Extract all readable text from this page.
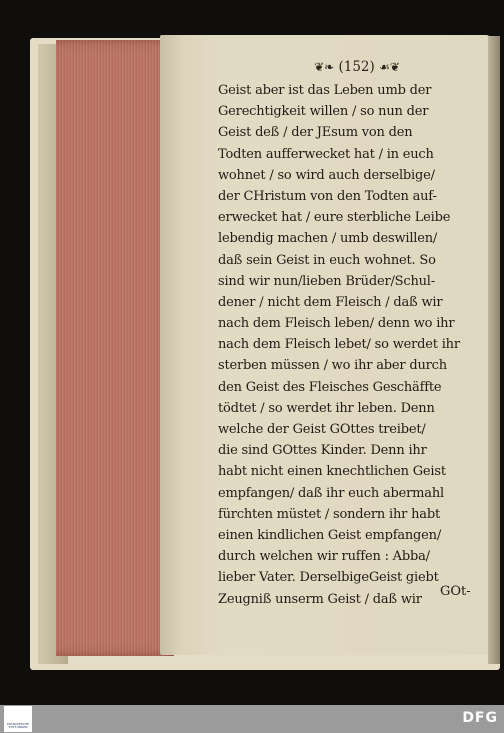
❦❧ (152) ☙❦
Geist aber ist das Leben umb der
Gerechtigkeit willen / so nun der
Geist deß / der JEsum von den
Todten aufferwecket hat / in euch
wohnet / so wird auch derselbige/
der CHristum von den Todten auf-
erwecket hat / eure sterbliche Leibe
lebendig machen / umb deswillen/
daß sein Geist in euch wohnet. So
sind wir nun/lieben Brüder/Schul-
dener / nicht dem Fleisch / daß wir
nach dem Fleisch leben/ denn wo ihr
nach dem Fleisch lebet/ so werdet ihr
sterben müssen / wo ihr aber durch
den Geist des Fleisches Geschäffte
tödtet / so werdet ihr leben. Denn
welche der Geist GOttes treibet/
die sind GOttes Kinder. Denn ihr
habt nicht einen knechtlichen Geist
empfangen/ daß ihr euch abermahl
fürchten müstet / sondern ihr habt
einen kindlichen Geist empfangen/
durch welchen wir ruffen : Abba/
lieber Vater. DerselbigeGeist giebt
Zeugniß unserm Geist / daß wir	GOt-
FRANCKESCHE STIFTUNGEN
DFG
